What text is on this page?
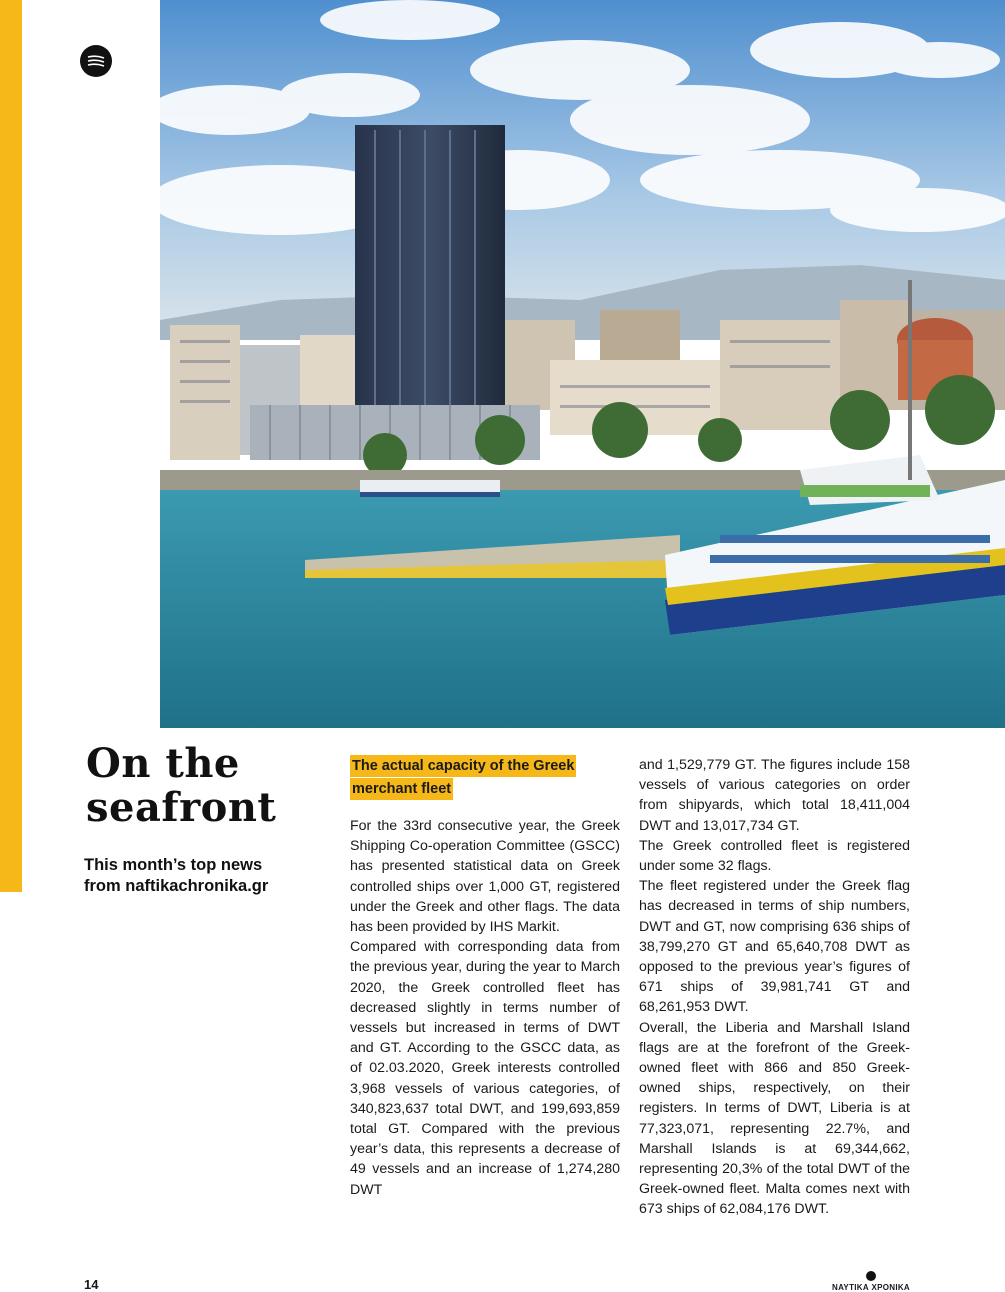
On the
seafront

This month’s top news
from naftikachronika.gr

The actual capacity of the Greek
merchant fleet

For the 33rd consecutive year, the Greek Shipping Co-operation Committee (GSCC) has presented statistical data on Greek controlled ships over 1,000 GT, registered under the Greek and other flags. The data has been provided by IHS Markit.

Compared with corresponding data from the previous year, during the year to March 2020, the Greek controlled fleet has decreased slightly in terms number of vessels but increased in terms of DWT and GT. According to the GSCC data, as of 02.03.2020, Greek interests controlled 3,968 vessels of various categories, of 340,823,637 total DWT, and 199,693,859 total GT. Compared with the previous year’s data, this represents a decrease of 49 vessels and an increase of 1,274,280 DWT

and 1,529,779 GT. The figures include 158 vessels of various categories on order from shipyards, which total 18,411,004 DWT and 13,017,734 GT.

The Greek controlled fleet is registered under some 32 flags.

The fleet registered under the Greek flag has decreased in terms of ship numbers, DWT and GT, now comprising 636 ships of 38,799,270 GT and 65,640,708 DWT as opposed to the previous year’s figures of 671 ships of 39,981,741 GT and 68,261,953 DWT.

Overall, the Liberia and Marshall Island flags are at the forefront of the Greek-owned fleet with 866 and 850 Greek-owned ships, respectively, on their registers. In terms of DWT, Liberia is at 77,323,071, representing 22.7%, and Marshall Islands is at 69,344,662, representing 20,3% of the total DWT of the Greek-owned fleet. Malta comes next with 673 ships of 62,084,176 DWT.

14	ΝΑΥΤΙΚΑ ΧΡΟΝΙΚΑ
